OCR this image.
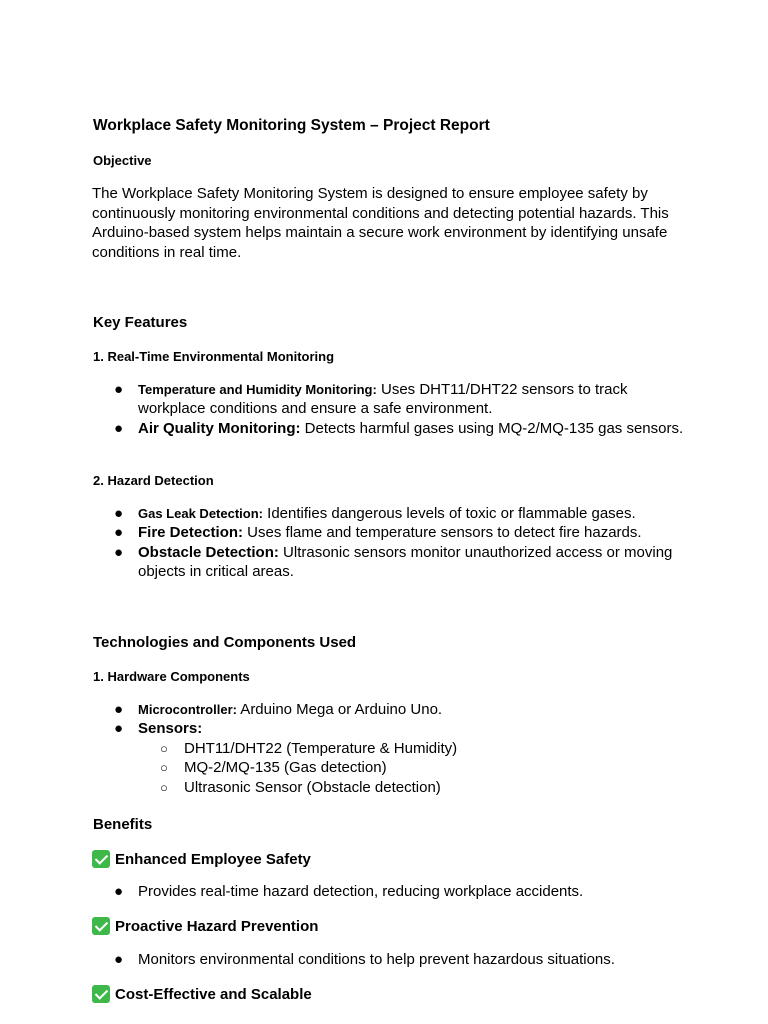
Workplace Safety Monitoring System – Project Report
Objective
The Workplace Safety Monitoring System is designed to ensure employee safety by continuously monitoring environmental conditions and detecting potential hazards. This Arduino-based system helps maintain a secure work environment by identifying unsafe conditions in real time.
Key Features
1. Real-Time Environmental Monitoring
● Temperature and Humidity Monitoring: Uses DHT11/DHT22 sensors to track workplace conditions and ensure a safe environment.
● Air Quality Monitoring: Detects harmful gases using MQ-2/MQ-135 gas sensors.
2. Hazard Detection
● Gas Leak Detection: Identifies dangerous levels of toxic or flammable gases.
● Fire Detection: Uses flame and temperature sensors to detect fire hazards.
● Obstacle Detection: Ultrasonic sensors monitor unauthorized access or moving objects in critical areas.
Technologies and Components Used
1. Hardware Components
● Microcontroller: Arduino Mega or Arduino Uno.
● Sensors:
○ DHT11/DHT22 (Temperature & Humidity)
○ MQ-2/MQ-135 (Gas detection)
○ Ultrasonic Sensor (Obstacle detection)
Benefits
Enhanced Employee Safety
● Provides real-time hazard detection, reducing workplace accidents.
Proactive Hazard Prevention
● Monitors environmental conditions to help prevent hazardous situations.
Cost-Effective and Scalable
